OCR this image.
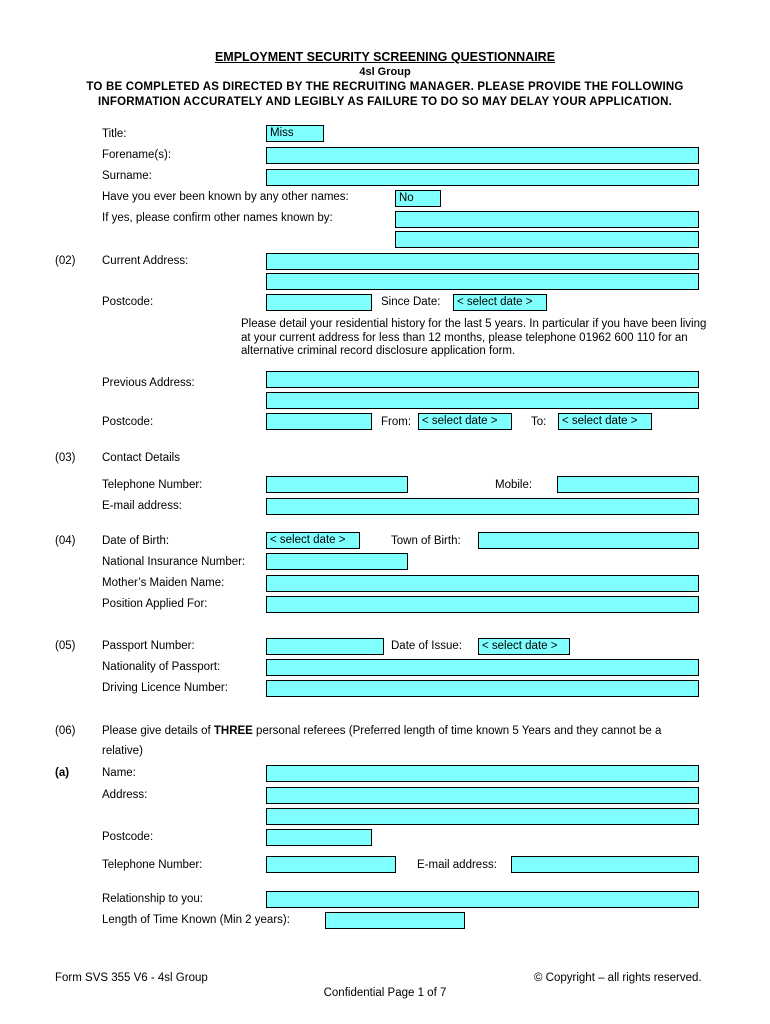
EMPLOYMENT SECURITY SCREENING QUESTIONNAIRE
4sl Group
TO BE COMPLETED AS DIRECTED BY THE RECRUITING MANAGER. PLEASE PROVIDE THE FOLLOWING
INFORMATION ACCURATELY AND LEGIBLY AS FAILURE TO DO SO MAY DELAY YOUR APPLICATION.
Title:	Miss
Forename(s):
Surname:
Have you ever been known by any other names:	No
If yes, please confirm other names known by:
(02) Current Address:
Postcode:	Since Date:	< select date >
Please detail your residential history for the last 5 years. In particular if you have been living at your current address for less than 12 months, please telephone 01962 600 110 for an alternative criminal record disclosure application form.
Previous Address:
Postcode:	From: < select date >	To:	< select date >
(03) Contact Details
Telephone Number:	Mobile:
E-mail address:
(04) Date of Birth:	< select date >	Town of Birth:
National Insurance Number:
Mother’s Maiden Name:
Position Applied For:
(05) Passport Number:	Date of Issue:	< select date >
Nationality of Passport:
Driving Licence Number:
(06) Please give details of THREE personal referees (Preferred length of time known 5 Years and they cannot be a
relative)
(a)	Name:
Address:
Postcode:
Telephone Number:	E-mail address:
Relationship to you:
Length of Time Known (Min 2 years):
Form SVS 355 V6 - 4sl Group	© Copyright – all rights reserved.
Confidential Page 1 of 7
